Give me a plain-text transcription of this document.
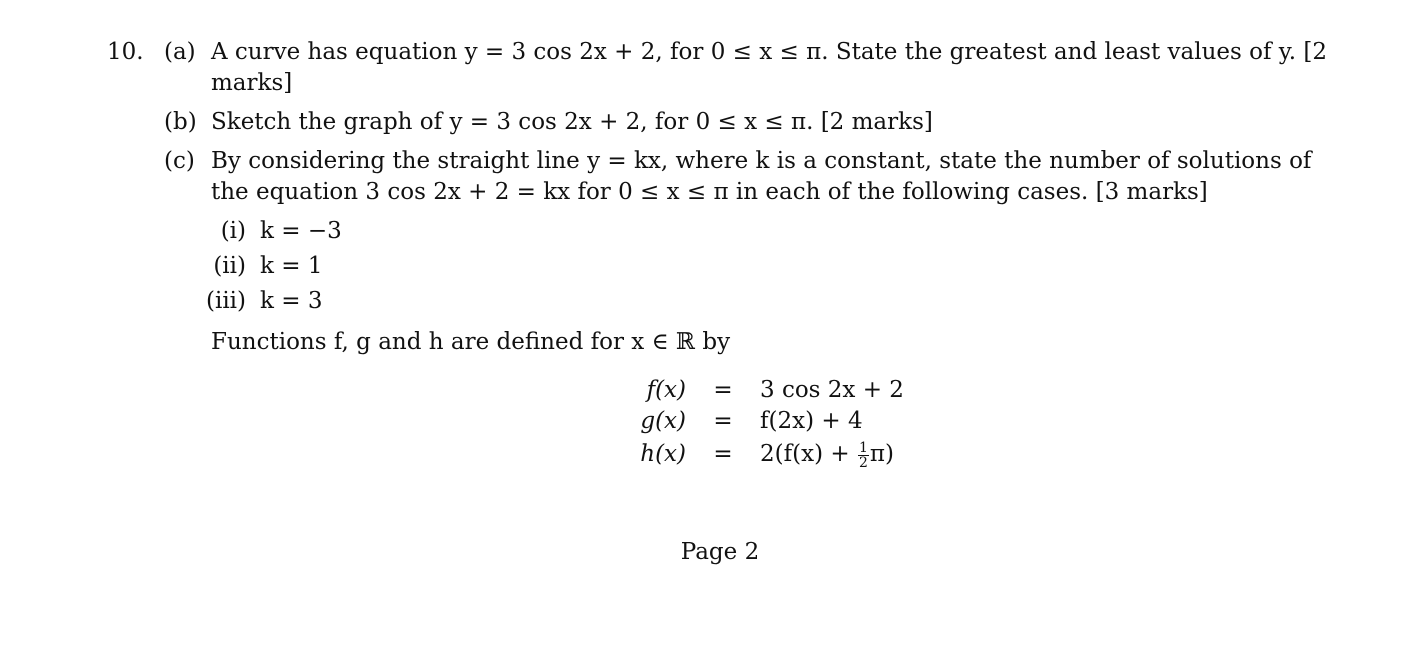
10. (a) A curve has equation y = 3 cos 2x + 2, for 0 ≤ x ≤ π. State the greatest and least values of y. [2 marks]
(b) Sketch the graph of y = 3 cos 2x + 2, for 0 ≤ x ≤ π. [2 marks]
(c) By considering the straight line y = kx, where k is a constant, state the number of solutions of the equation 3 cos 2x + 2 = kx for 0 ≤ x ≤ π in each of the following cases. [3 marks]
(i) k = −3
(ii) k = 1
(iii) k = 3
Functions f, g and h are defined for x ∈ ℝ by
f(x) = 3 cos 2x + 2
g(x) = f(2x) + 4
$h(x) = 2(f(x) + \frac{1}{2} \pi)$
Page 2
